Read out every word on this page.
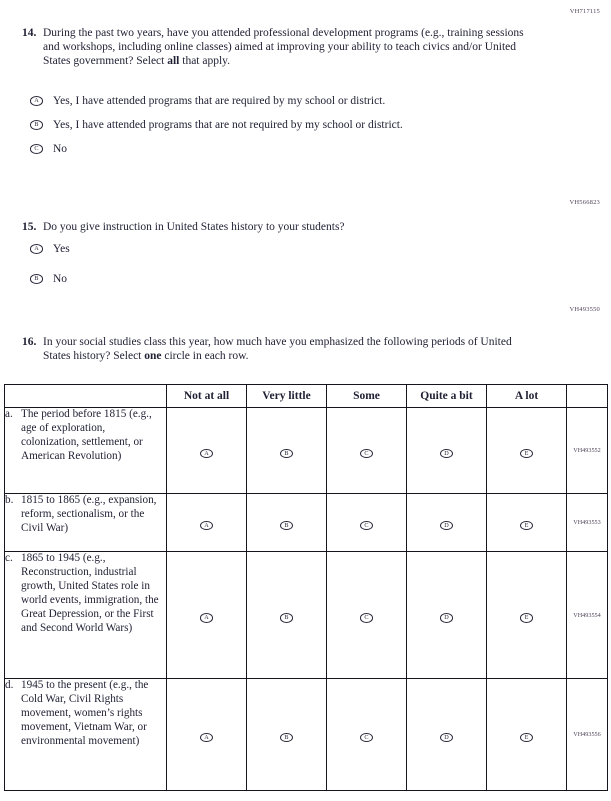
VH717115
14. During the past two years, have you attended professional development programs (e.g., training sessions and workshops, including online classes) aimed at improving your ability to teach civics and/or United States government? Select all that apply.
A	Yes, I have attended programs that are required by my school or district.
B	Yes, I have attended programs that are not required by my school or district.
C	No
VH566823
15. Do you give instruction in United States history to your students?
A	Yes
B	No
VH493550
16. In your social studies class this year, how much have you emphasized the following periods of United States history? Select one circle in each row.
	Not at all	Very little	Some	Quite a bit	A lot	

a. The period before 1815 (e.g., age of exploration, colonization, settlement, or American Revolution)	A	B	C	D	E	VH493552

b. 1815 to 1865 (e.g., expansion, reform, sectionalism, or the Civil War)	A	B	C	D	E	VH493553

c. 1865 to 1945 (e.g., Reconstruction, industrial growth, United States role in world events, immigration, the Great Depression, or the First and Second World Wars)	A	B	C	D	E	VH493554

d. 1945 to the present (e.g., the Cold War, Civil Rights movement, women’s rights movement, Vietnam War, or environmental movement)	A	B	C	D	E	VH493556
